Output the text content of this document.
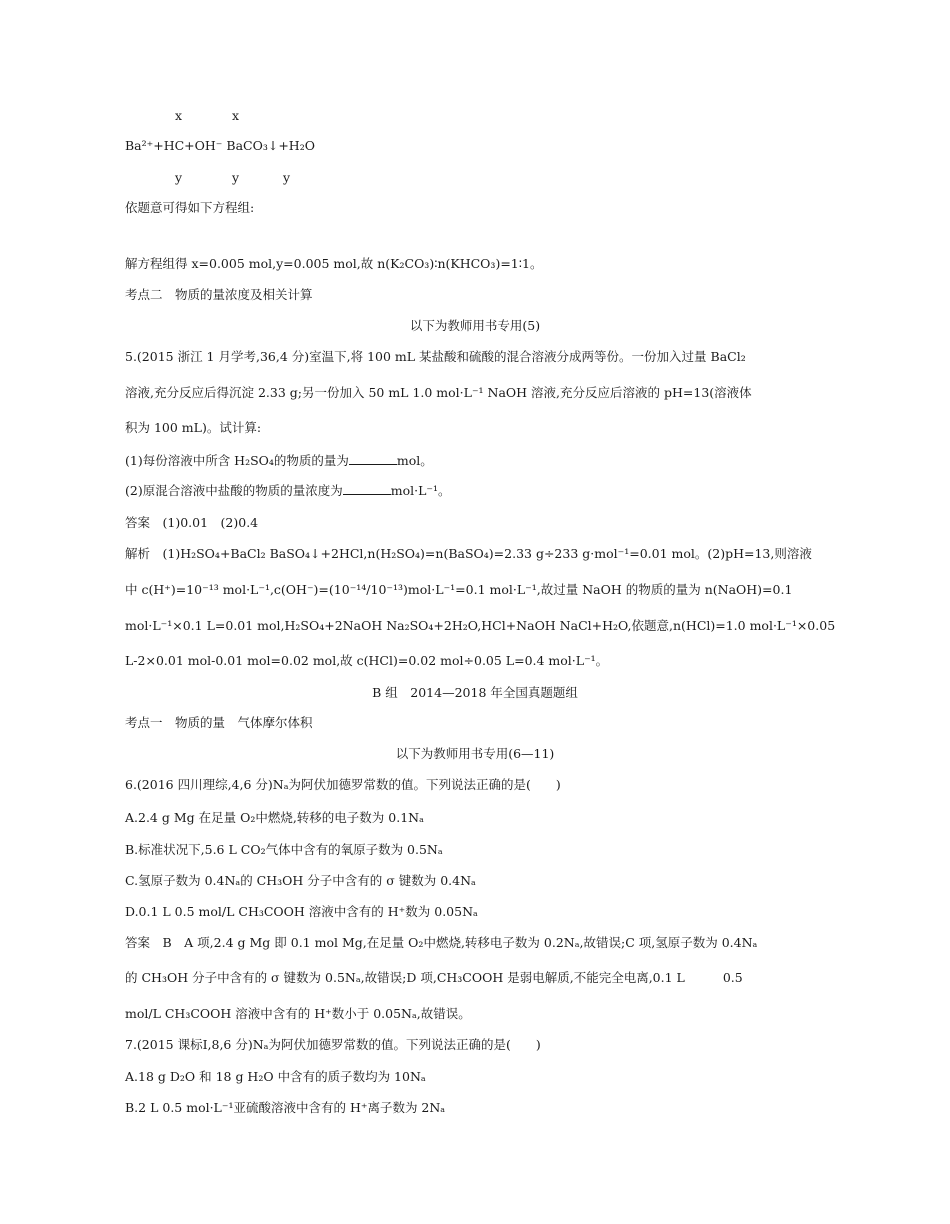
x	x
Ba²⁺+HC+OH⁻ BaCO₃↓+H₂O
y	y	y
依题意可得如下方程组:
解方程组得 x=0.005 mol,y=0.005 mol,故 n(K₂CO₃)∶n(KHCO₃)=1∶1。
考点二　物质的量浓度及相关计算
以下为教师用书专用(5)
5.(2015 浙江 1 月学考,36,4 分)室温下,将 100 mL 某盐酸和硫酸的混合溶液分成两等份。一份加入过量 BaCl₂
溶液,充分反应后得沉淀 2.33 g;另一份加入 50 mL 1.0 mol·L⁻¹ NaOH 溶液,充分反应后溶液的 pH=13(溶液体
积为 100 mL)。试计算:
(1)每份溶液中所含 H₂SO₄的物质的量为	mol。
(2)原混合溶液中盐酸的物质的量浓度为	mol·L⁻¹。
答案　(1)0.01　(2)0.4
解析　(1)H₂SO₄+BaCl₂ BaSO₄↓+2HCl,n(H₂SO₄)=n(BaSO₄)=2.33 g÷233 g·mol⁻¹=0.01 mol。(2)pH=13,则溶液
中 c(H⁺)=10⁻¹³ mol·L⁻¹,c(OH⁻)=(10⁻¹⁴/10⁻¹³)mol·L⁻¹=0.1 mol·L⁻¹,故过量 NaOH 的物质的量为 n(NaOH)=0.1
mol·L⁻¹×0.1 L=0.01 mol,H₂SO₄+2NaOH Na₂SO₄+2H₂O,HCl+NaOH NaCl+H₂O,依题意,n(HCl)=1.0 mol·L⁻¹×0.05
L-2×0.01 mol-0.01 mol=0.02 mol,故 c(HCl)=0.02 mol÷0.05 L=0.4 mol·L⁻¹。
B 组　2014—2018 年全国真题题组
考点一　物质的量　气体摩尔体积
以下为教师用书专用(6—11)
6.(2016 四川理综,4,6 分)Nₐ为阿伏加德罗常数的值。下列说法正确的是(　　)
A.2.4 g Mg 在足量 O₂中燃烧,转移的电子数为 0.1Nₐ
B.标准状况下,5.6 L CO₂气体中含有的氧原子数为 0.5Nₐ
C.氢原子数为 0.4Nₐ的 CH₃OH 分子中含有的 σ 键数为 0.4Nₐ
D.0.1 L 0.5 mol/L CH₃COOH 溶液中含有的 H⁺数为 0.05Nₐ
答案　B　A 项,2.4 g Mg 即 0.1 mol Mg,在足量 O₂中燃烧,转移电子数为 0.2Nₐ,故错误;C 项,氢原子数为 0.4Nₐ
的 CH₃OH 分子中含有的 σ 键数为 0.5Nₐ,故错误;D 项,CH₃COOH 是弱电解质,不能完全电离,0.1 L	0.5
mol/L CH₃COOH 溶液中含有的 H⁺数小于 0.05Nₐ,故错误。
7.(2015 课标Ⅰ,8,6 分)Nₐ为阿伏加德罗常数的值。下列说法正确的是(　　)
A.18 g D₂O 和 18 g H₂O 中含有的质子数均为 10Nₐ
B.2 L 0.5 mol·L⁻¹亚硫酸溶液中含有的 H⁺离子数为 2Nₐ
